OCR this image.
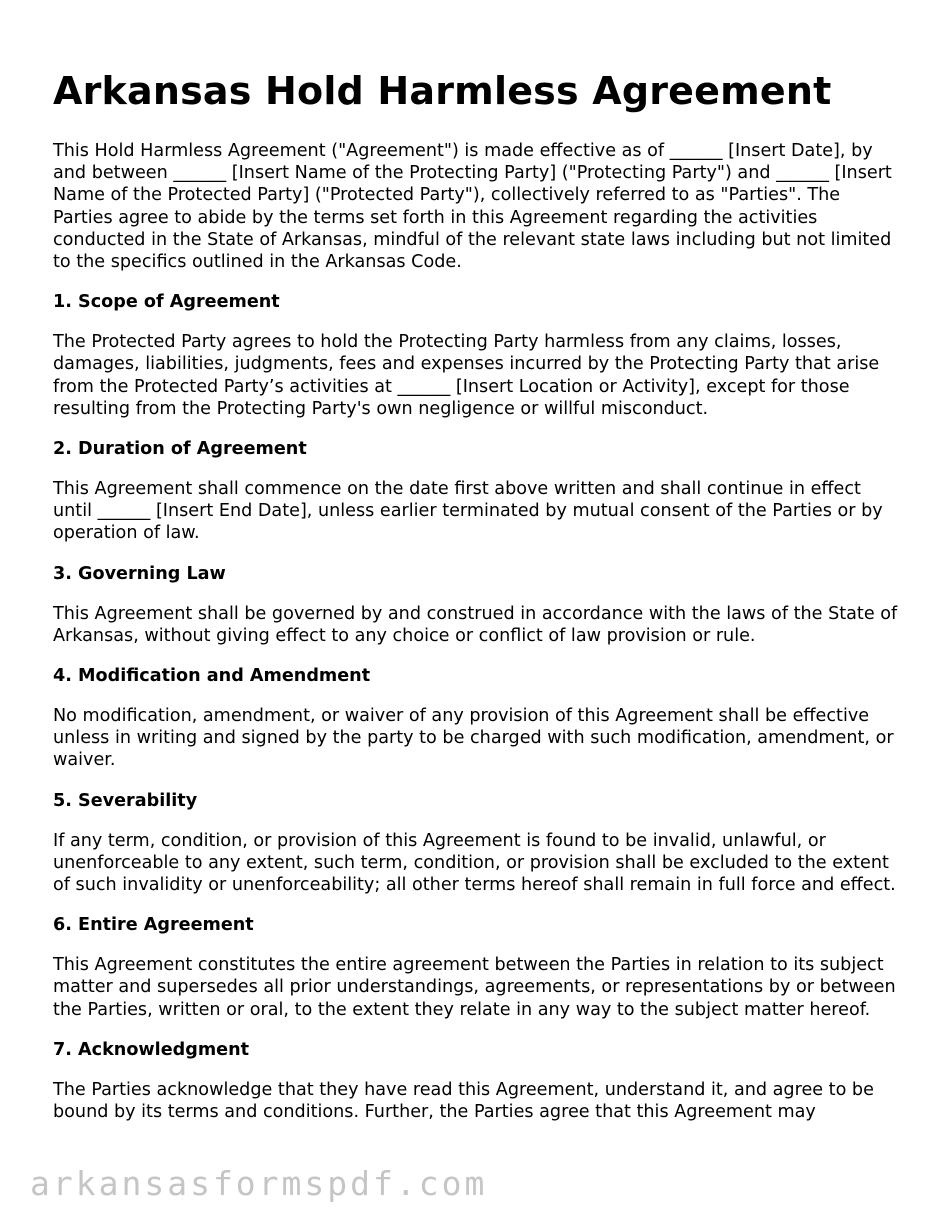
Arkansas Hold Harmless Agreement

This Hold Harmless Agreement ("Agreement") is made effective as of ______ [Insert Date], by and between ______ [Insert Name of the Protecting Party] ("Protecting Party") and ______ [Insert Name of the Protected Party] ("Protected Party"), collectively referred to as "Parties". The Parties agree to abide by the terms set forth in this Agreement regarding the activities conducted in the State of Arkansas, mindful of the relevant state laws including but not limited to the specifics outlined in the Arkansas Code.

1. Scope of Agreement

The Protected Party agrees to hold the Protecting Party harmless from any claims, losses, damages, liabilities, judgments, fees and expenses incurred by the Protecting Party that arise from the Protected Party’s activities at ______ [Insert Location or Activity], except for those resulting from the Protecting Party's own negligence or willful misconduct.

2. Duration of Agreement

This Agreement shall commence on the date first above written and shall continue in effect until ______ [Insert End Date], unless earlier terminated by mutual consent of the Parties or by operation of law.

3. Governing Law

This Agreement shall be governed by and construed in accordance with the laws of the State of Arkansas, without giving effect to any choice or conflict of law provision or rule.

4. Modification and Amendment

No modification, amendment, or waiver of any provision of this Agreement shall be effective unless in writing and signed by the party to be charged with such modification, amendment, or waiver.

5. Severability

If any term, condition, or provision of this Agreement is found to be invalid, unlawful, or unenforceable to any extent, such term, condition, or provision shall be excluded to the extent of such invalidity or unenforceability; all other terms hereof shall remain in full force and effect.

6. Entire Agreement

This Agreement constitutes the entire agreement between the Parties in relation to its subject matter and supersedes all prior understandings, agreements, or representations by or between the Parties, written or oral, to the extent they relate in any way to the subject matter hereof.

7. Acknowledgment

The Parties acknowledge that they have read this Agreement, understand it, and agree to be bound by its terms and conditions. Further, the Parties agree that this Agreement may

arkansasformspdf.com
